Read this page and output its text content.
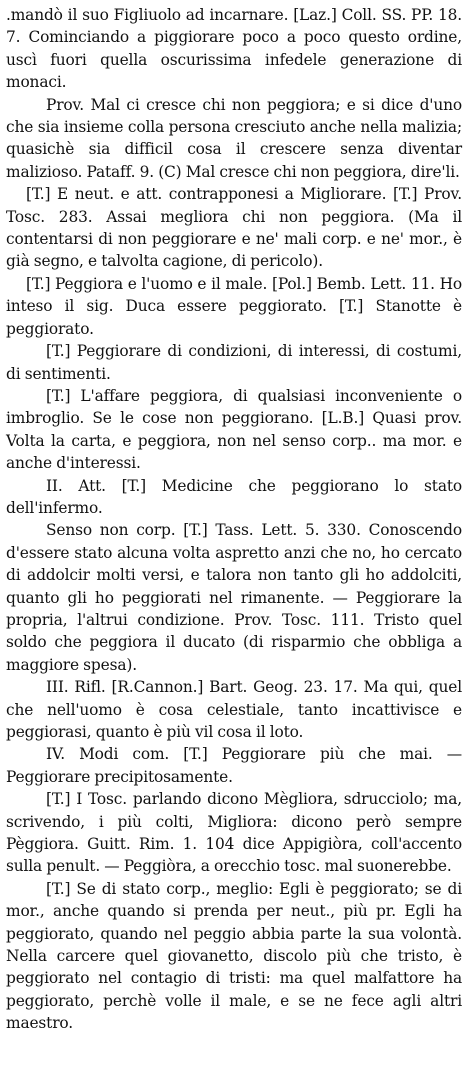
.mandò il suo Figliuolo ad incarnare. [Laz.] Coll. SS. PP. 18. 7. Cominciando a piggiorare poco a poco questo ordine, uscì fuori quella oscurissima infedele generazione di monaci.

Prov. Mal ci cresce chi non peggiora; e si dice d'uno che sia insieme colla persona cresciuto anche nella malizia; quasichè sia difficil cosa il crescere senza diventar malizioso. Pataff. 9. (C) Mal cresce chi non peggiora, dire'li.

[T.] E neut. e att. contrapponesi a Migliorare. [T.] Prov. Tosc. 283. Assai megliora chi non peggiora. (Ma il contentarsi di non peggiorare e ne' mali corp. e ne' mor., è già segno, e talvolta cagione, di pericolo).

[T.] Peggiora e l'uomo e il male. [Pol.] Bemb. Lett. 11. Ho inteso il sig. Duca essere peggiorato. [T.] Stanotte è peggiorato.

[T.] Peggiorare di condizioni, di interessi, di costumi, di sentimenti.

[T.] L'affare peggiora, di qualsiasi inconveniente o imbroglio. Se le cose non peggiorano. [L.B.] Quasi prov. Volta la carta, e peggiora, non nel senso corp.. ma mor. e anche d'interessi.

II. Att. [T.] Medicine che peggiorano lo stato dell'infermo.

Senso non corp. [T.] Tass. Lett. 5. 330. Conoscendo d'essere stato alcuna volta aspretto anzi che no, ho cercato di addolcir molti versi, e talora non tanto gli ho addolciti, quanto gli ho peggiorati nel rimanente. — Peggiorare la propria, l'altrui condizione. Prov. Tosc. 111. Tristo quel soldo che peggiora il ducato (di risparmio che obbliga a maggiore spesa).

III. Rifl. [R.Cannon.] Bart. Geog. 23. 17. Ma qui, quel che nell'uomo è cosa celestiale, tanto incattivisce e peggiorasi, quanto è più vil cosa il loto.

IV. Modi com. [T.] Peggiorare più che mai. — Peggiorare precipitosamente.

[T.] I Tosc. parlando dicono Mègliora, sdrucciolo; ma, scrivendo, i più colti, Migliora: dicono però sempre Pèggiora. Guitt. Rim. 1. 104 dice Appigiòra, coll'accento sulla penult. — Peggiòra, a orecchio tosc. mal suonerebbe.

[T.] Se di stato corp., meglio: Egli è peggiorato; se di mor., anche quando si prenda per neut., più pr. Egli ha peggiorato, quando nel peggio abbia parte la sua volontà. Nella carcere quel giovanetto, discolo più che tristo, è peggiorato nel contagio di tristi: ma quel malfattore ha peggiorato, perchè volle il male, e se ne fece agli altri maestro.
